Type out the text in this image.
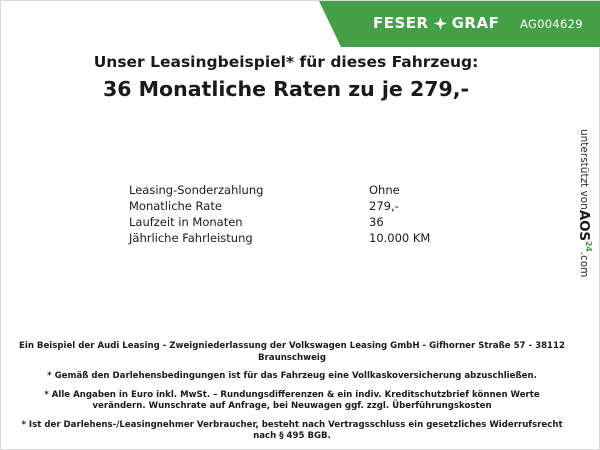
FESER GRAF AG004629
Unser Leasingbeispiel* für dieses Fahrzeug:
36 Monatliche Raten zu je 279,-
Leasing-Sonderzahlung	Ohne
Monatliche Rate	279,-
Laufzeit in Monaten	36
Jährliche Fahrleistung	10.000 KM
unterstützt von
AOS
24
.com

Ein Beispiel der Audi Leasing - Zweigniederlassung der Volkswagen Leasing GmbH - Gifhorner Straße 57 - 38112 Braunschweig

* Gemäß den Darlehensbedingungen ist für das Fahrzeug eine Vollkaskoversicherung abzuschließen.

* Alle Angaben in Euro inkl. MwSt. – Rundungsdifferenzen & ein indiv. Kreditschutzbrief können Werte verändern. Wunschrate auf Anfrage, bei Neuwagen ggf. zzgl. Überführungskosten

* Ist der Darlehens-/Leasingnehmer Verbraucher, besteht nach Vertragsschluss ein gesetzliches Widerrufsrecht nach § 495 BGB.
